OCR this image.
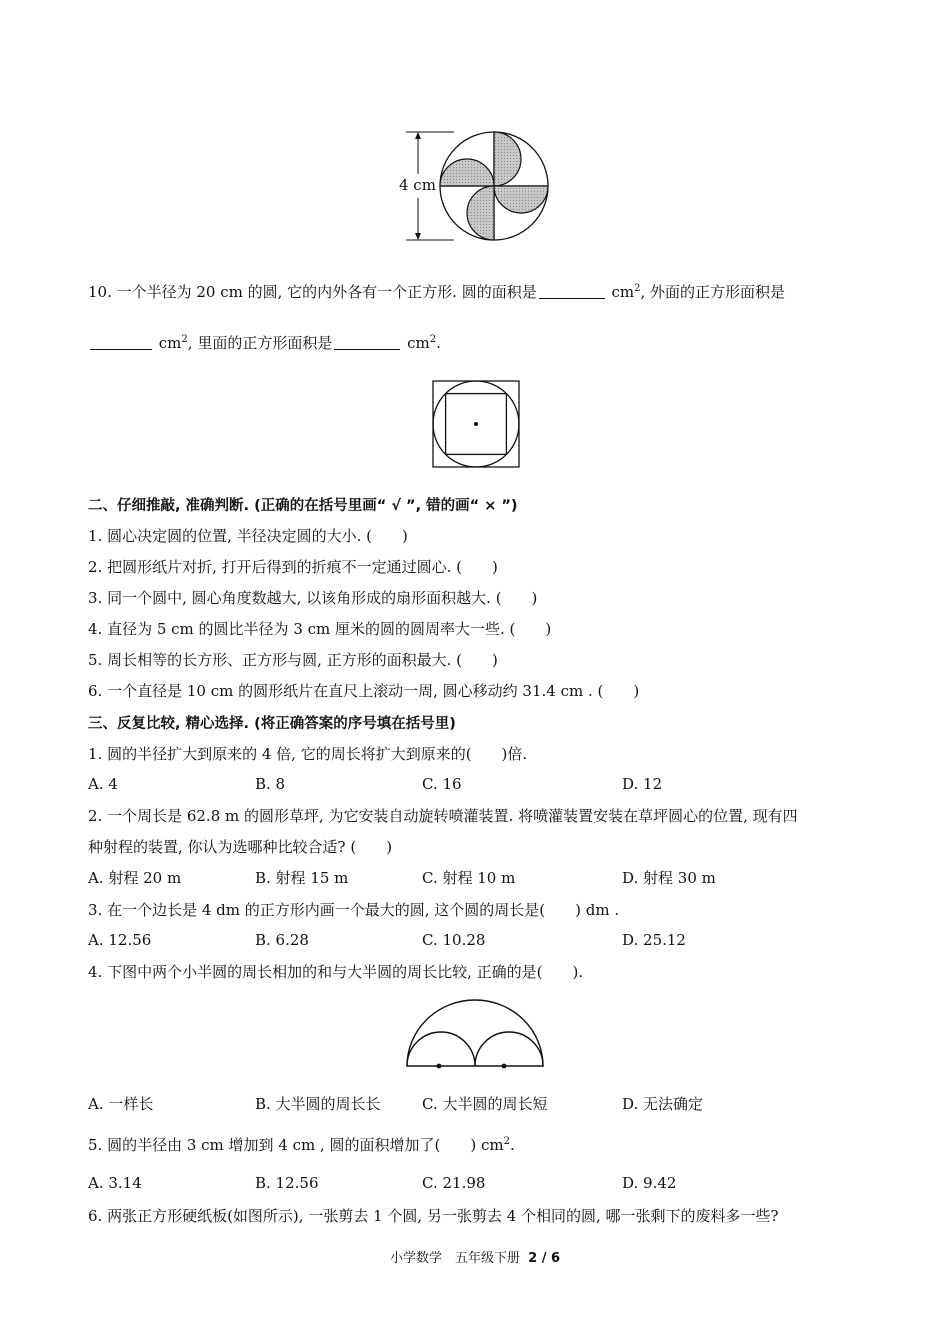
4 cm
10. 一个半径为 20 cm 的圆, 它的内外各有一个正方形. 圆的面积是	$cm^2$, 外面的正方形面积是
$cm^2$, 里面的正方形面积是	$cm^2$.
二、仔细推敲, 准确判断. (正确的在括号里画“ √ ”, 错的画“ × ”)
1. 圆心决定圆的位置, 半径决定圆的大小. (　　)
2. 把圆形纸片对折, 打开后得到的折痕不一定通过圆心. (　　)
3. 同一个圆中, 圆心角度数越大, 以该角形成的扇形面积越大. (　　)
4. 直径为 5 cm 的圆比半径为 3 cm 厘米的圆的圆周率大一些. (　　)
5. 周长相等的长方形、正方形与圆, 正方形的面积最大. (　　)
6. 一个直径是 10 cm 的圆形纸片在直尺上滚动一周, 圆心移动约 31.4 cm . (　　)
三、反复比较, 精心选择. (将正确答案的序号填在括号里)
1. 圆的半径扩大到原来的 4 倍, 它的周长将扩大到原来的(　　)倍.
A. 4	B. 8	C. 16	D. 12
2. 一个周长是 62.8 m 的圆形草坪, 为它安装自动旋转喷灌装置. 将喷灌装置安装在草坪圆心的位置, 现有四
种射程的装置, 你认为选哪种比较合适? (　　)
A. 射程 20 m	B. 射程 15 m	C. 射程 10 m	D. 射程 30 m
3. 在一个边长是 4 dm 的正方形内画一个最大的圆, 这个圆的周长是(　　) dm .
A. 12.56	B. 6.28	C. 10.28	D. 25.12
4. 下图中两个小半圆的周长相加的和与大半圆的周长比较, 正确的是(　　).
A. 一样长	B. 大半圆的周长长	C. 大半圆的周长短	D. 无法确定
5. 圆的半径由 3 cm 增加到 4 cm , 圆的面积增加了(　　) $cm^2$.
A. 3.14	B. 12.56	C. 21.98	D. 9.42
6. 两张正方形硬纸板(如图所示), 一张剪去 1 个圆, 另一张剪去 4 个相同的圆, 哪一张剩下的废料多一些?
小学数学　五年级下册 2 / 6
